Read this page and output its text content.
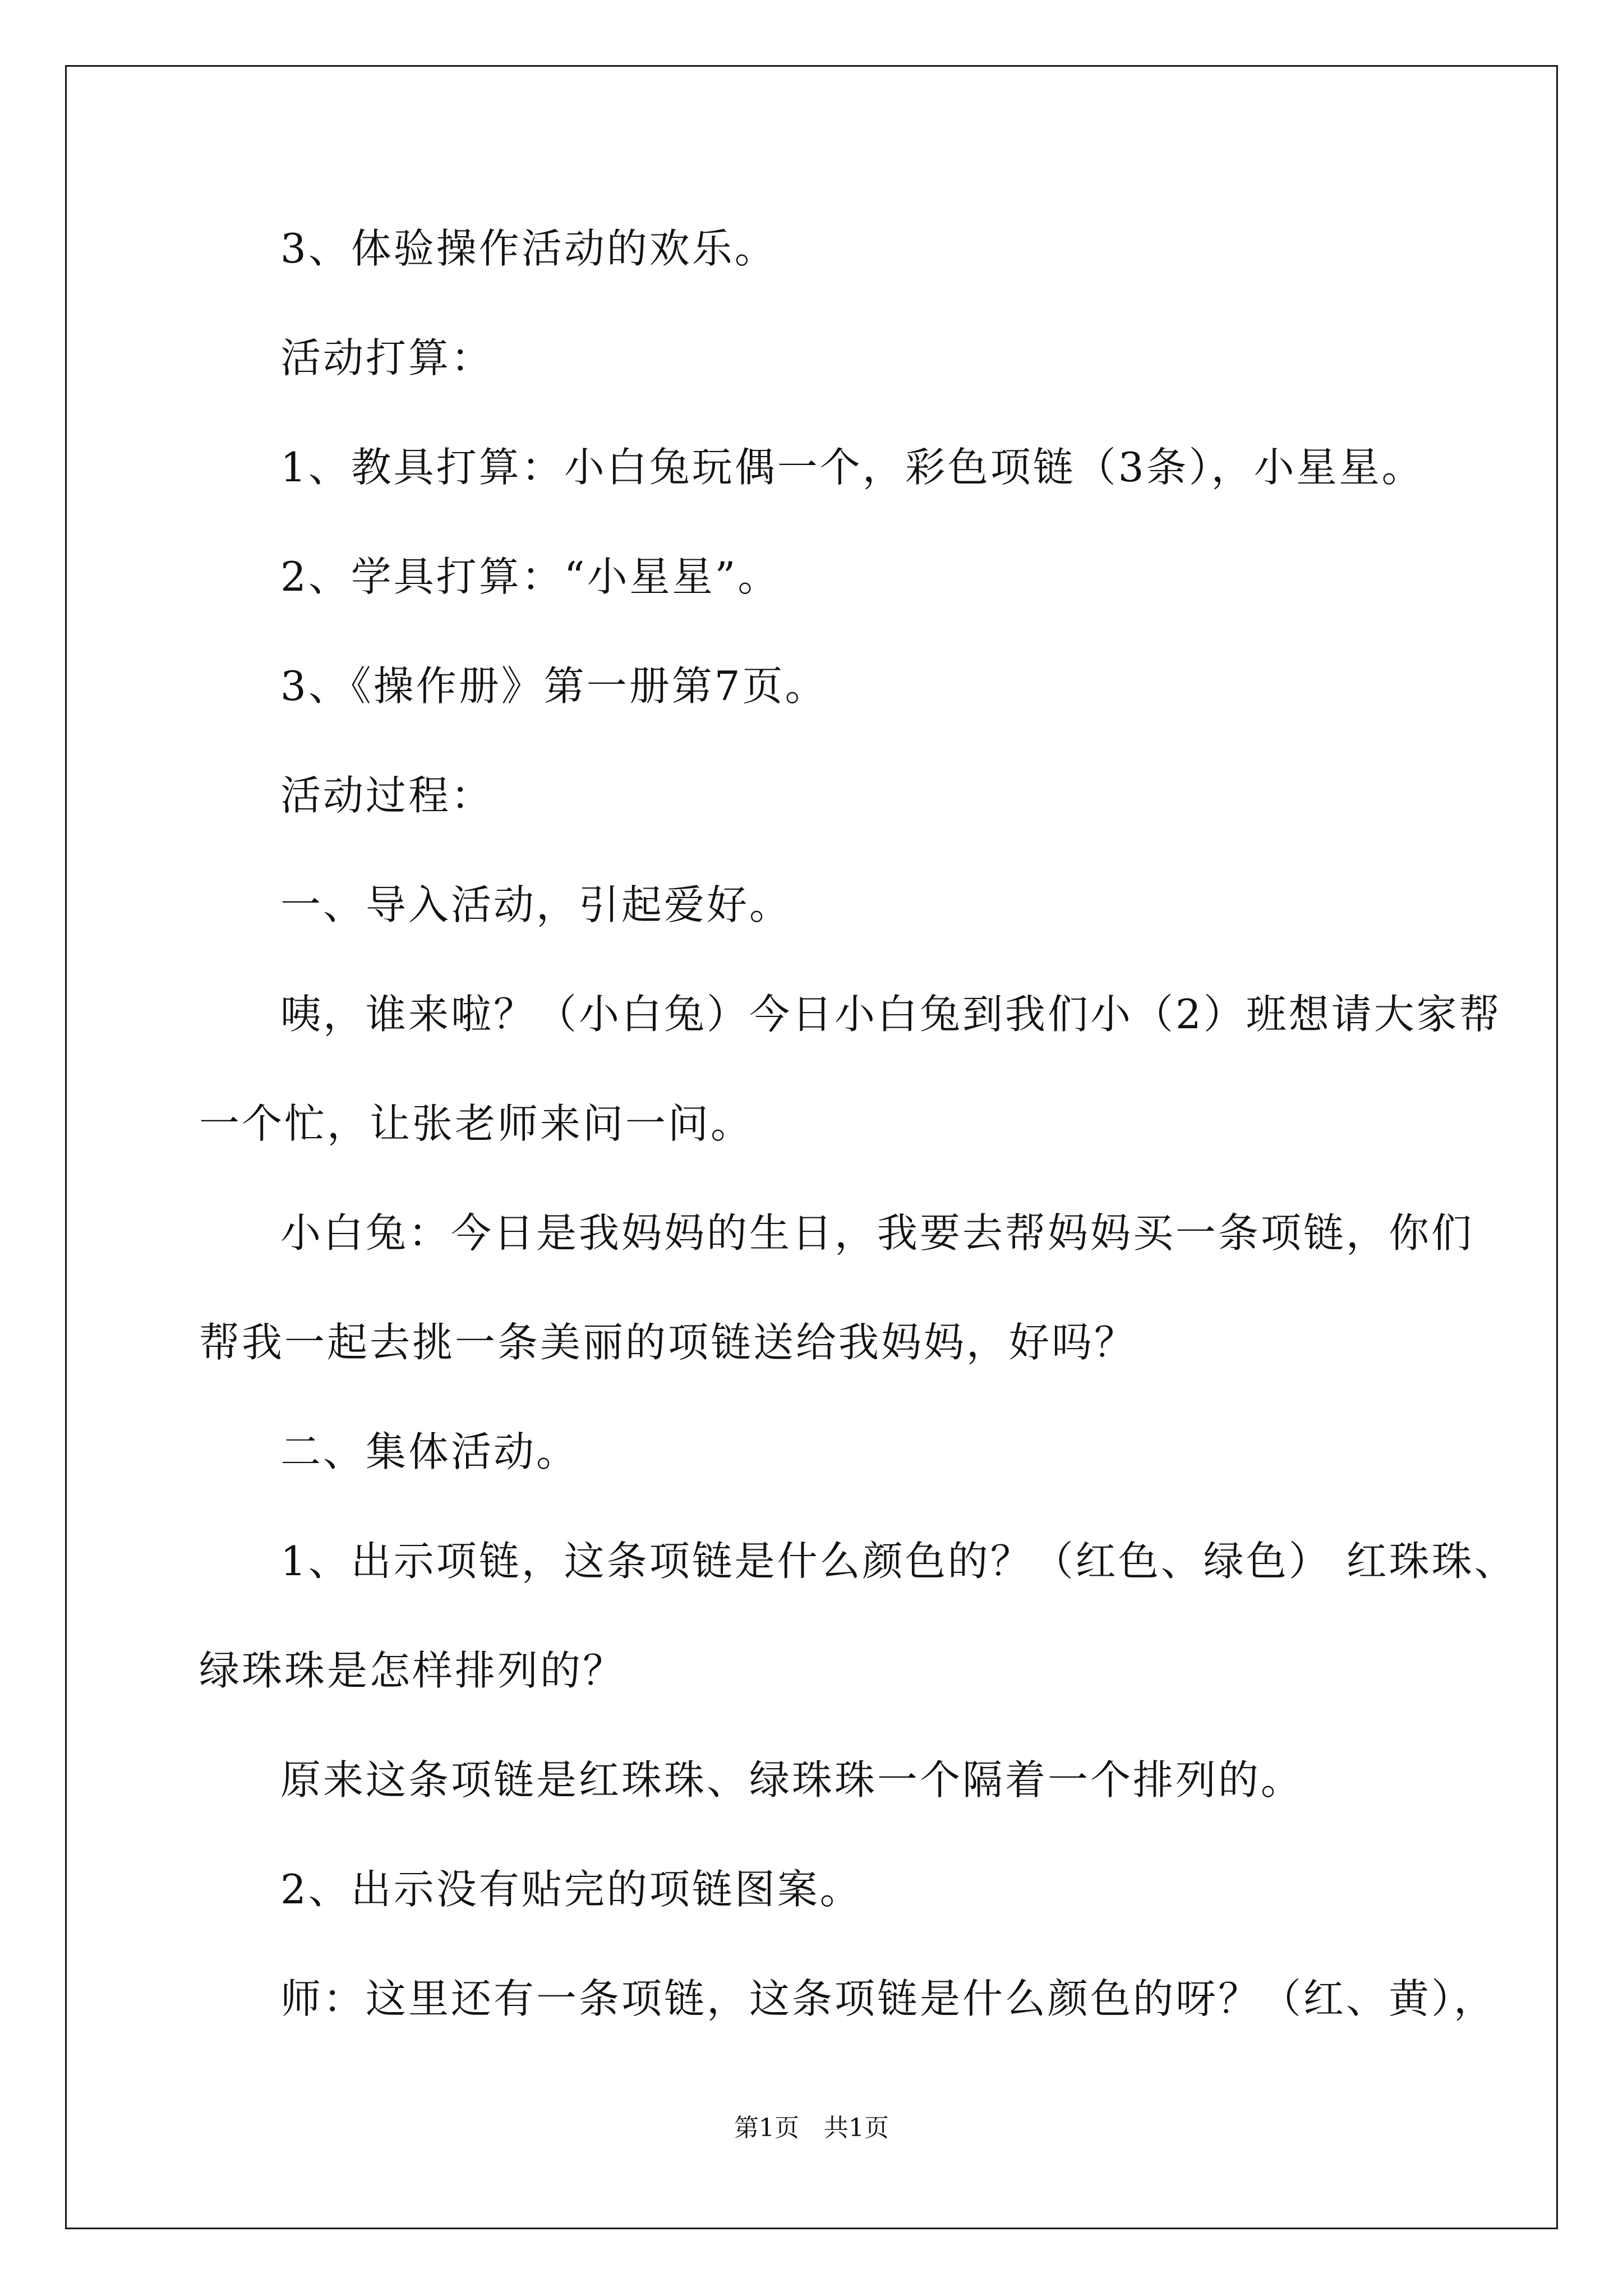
3、体验操作活动的欢乐。
活动打算：
1、教具打算：小白兔玩偶一个，彩色项链（3条），小星星。
2、学具打算：“小星星”。
3、《操作册》第一册第7页。
活动过程：
一、导入活动，引起爱好。
咦，谁来啦？（小白兔）今日小白兔到我们小（2）班想请大家帮
一个忙，让张老师来问一问。
小白兔：今日是我妈妈的生日，我要去帮妈妈买一条项链，你们
帮我一起去挑一条美丽的项链送给我妈妈，好吗？
二、集体活动。
1、出示项链，这条项链是什么颜色的？（红色、绿色） 红珠珠、
绿珠珠是怎样排列的？
原来这条项链是红珠珠、绿珠珠一个隔着一个排列的。
2、出示没有贴完的项链图案。
师：这里还有一条项链，这条项链是什么颜色的呀？（红、黄），
第1页 共1页
